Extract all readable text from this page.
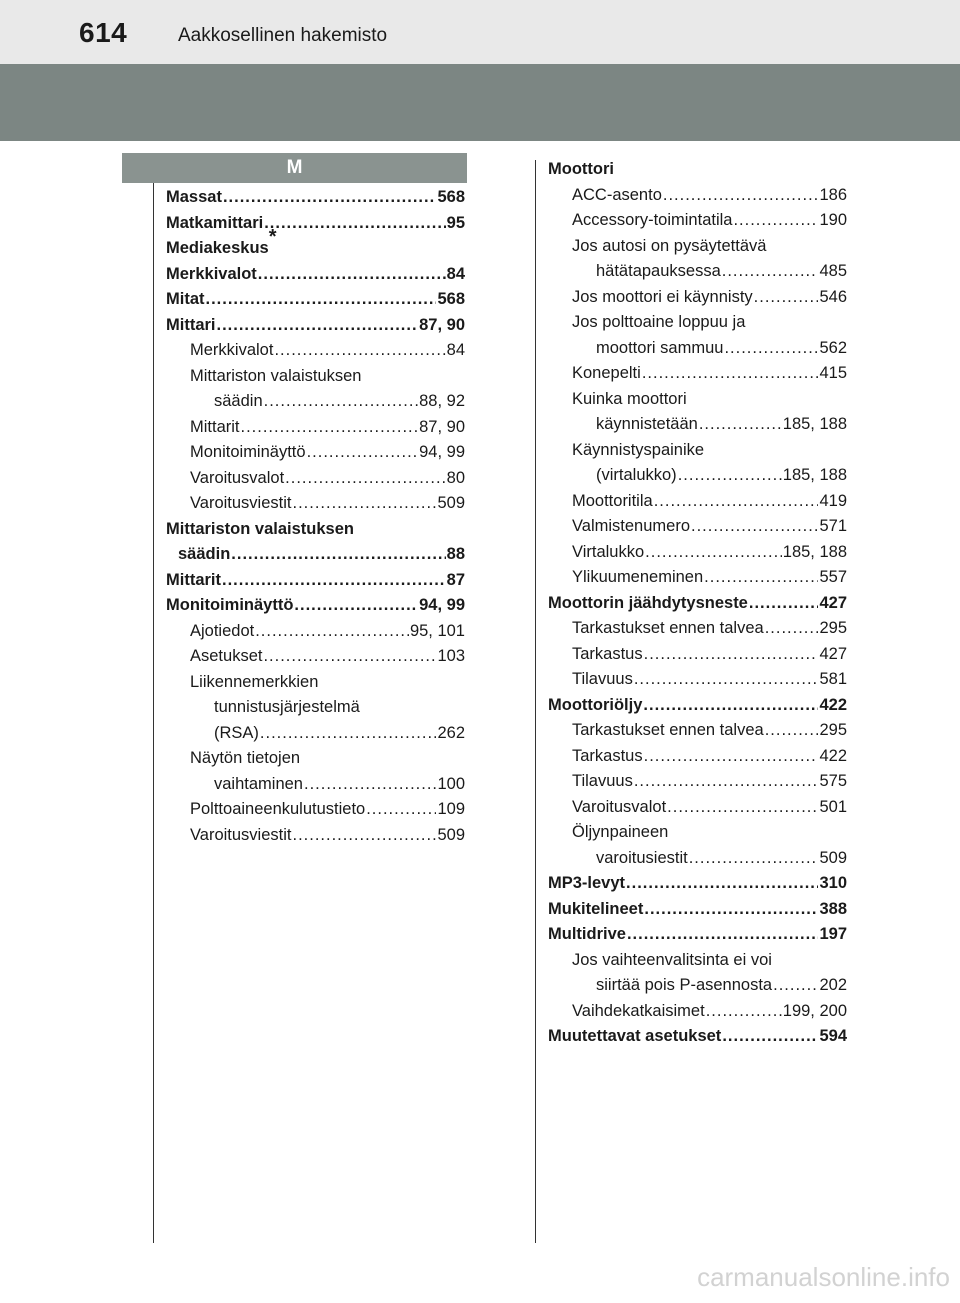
614	Aakkosellinen hakemisto
M
Massat .....	568
Matkamittari .....	95
Mediakeskus *
Merkkivalot .....	84
Mitat .....	568
Mittari .....	87, 90
Merkkivalot .....	84
Mittariston valaistuksen
säädin .....	88, 92
Mittarit .....	87, 90
Monitoiminäyttö .....	94, 99
Varoitusvalot .....	80
Varoitusviestit .....	509
Mittariston valaistuksen
säädin .....	88
Mittarit .....	87
Monitoiminäyttö .....	94, 99
Ajotiedot .....	95, 101
Asetukset .....	103
Liikennemerkkien
tunnistusjärjestelmä
(RSA) .....	262
Näytön tietojen
vaihtaminen .....	100
Polttoaineenkulutustieto .....	109
Varoitusviestit .....	509
Moottori
ACC-asento .....	186
Accessory-toimintatila .....	190
Jos autosi on pysäytettävä
hätätapauksessa .....	485
Jos moottori ei käynnisty .....	546
Jos polttoaine loppuu ja
moottori sammuu .....	562
Konepelti .....	415
Kuinka moottori
käynnistetään .....	185, 188
Käynnistyspainike
(virtalukko) .....	185, 188
Moottoritila .....	419
Valmistenumero .....	571
Virtalukko .....	185, 188
Ylikuumeneminen .....	557
Moottorin jäähdytysneste .....	427
Tarkastukset ennen talvea .....	295
Tarkastus .....	427
Tilavuus .....	581
Moottoriöljy .....	422
Tarkastukset ennen talvea .....	295
Tarkastus .....	422
Tilavuus .....	575
Varoitusvalot .....	501
Öljynpaineen
varoitusiestit .....	509
MP3-levyt .....	310
Mukitelineet .....	388
Multidrive .....	197
Jos vaihteenvalitsinta ei voi
siirtää pois P-asennosta .....	202
Vaihdekatkaisimet .....	199, 200
Muutettavat asetukset .....	594
carmanualsonline.info
